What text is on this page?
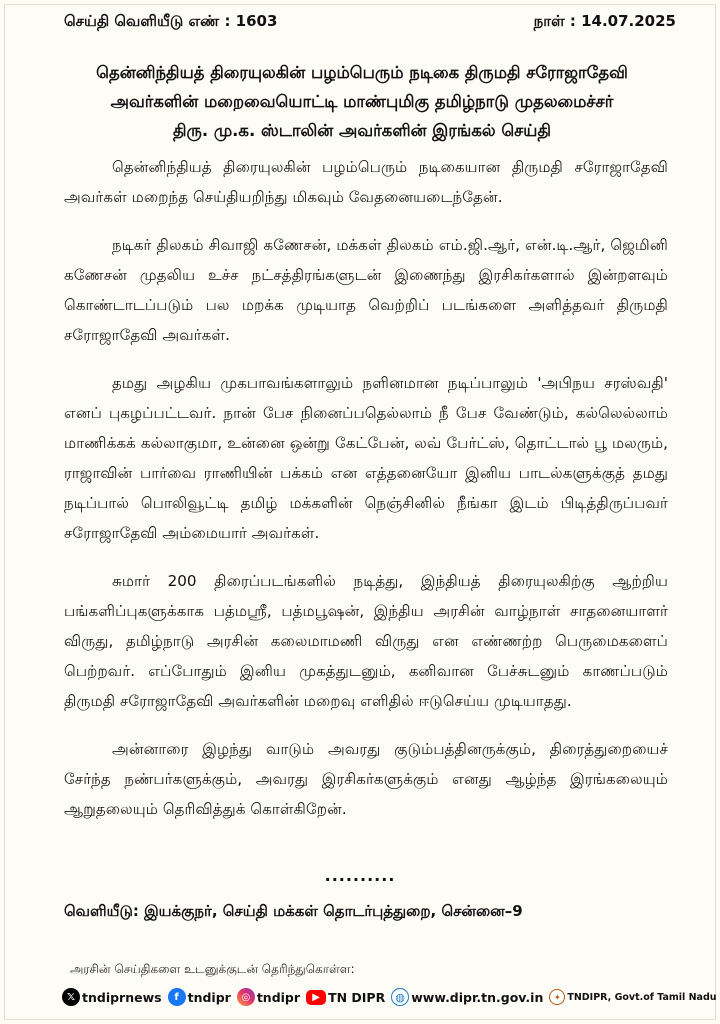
செய்தி வெளியீடு எண் : 1603	நாள் : 14.07.2025
தென்னிந்தியத் திரையுலகின் பழம்பெரும் நடிகை திருமதி சரோஜாதேவி
அவர்களின் மறைவையொட்டி மாண்புமிகு தமிழ்நாடு முதலமைச்சர்
திரு. மு.க. ஸ்டாலின் அவர்களின் இரங்கல் செய்தி

தென்னிந்தியத் திரையுலகின் பழம்பெரும் நடிகையான திருமதி சரோஜாதேவி அவர்கள் மறைந்த செய்தியறிந்து மிகவும் வேதனையடைந்தேன்.

நடிகர் திலகம் சிவாஜி கணேசன், மக்கள் திலகம் எம்.ஜி.ஆர், என்.டி.ஆர், ஜெமினி கணேசன் முதலிய உச்ச நட்சத்திரங்களுடன் இணைந்து இரசிகர்களால் இன்றளவும் கொண்டாடப்படும் பல மறக்க முடியாத வெற்றிப் படங்களை அளித்தவர் திருமதி சரோஜாதேவி அவர்கள்.

தமது அழகிய முகபாவங்களாலும் நளினமான நடிப்பாலும் 'அபிநய சரஸ்வதி' எனப் புகழப்பட்டவர். நான் பேச நினைப்பதெல்லாம் நீ பேச வேண்டும், கல்லெல்லாம் மாணிக்கக் கல்லாகுமா, உன்னை ஒன்று கேட்பேன், லவ் பேர்ட்ஸ், தொட்டால் பூ மலரும், ராஜாவின் பார்வை ராணியின் பக்கம் என எத்தனையோ இனிய பாடல்களுக்குத் தமது நடிப்பால் பொலிவூட்டி தமிழ் மக்களின் நெஞ்சினில் நீங்கா இடம் பிடித்திருப்பவர் சரோஜாதேவி அம்மையார் அவர்கள்.

சுமார் 200 திரைப்படங்களில் நடித்து, இந்தியத் திரையுலகிற்கு ஆற்றிய பங்களிப்புகளுக்காக பத்மஸ்ரீ, பத்மபூஷன், இந்திய அரசின் வாழ்நாள் சாதனையாளர் விருது, தமிழ்நாடு அரசின் கலைமாமணி விருது என எண்ணற்ற பெருமைகளைப் பெற்றவர். எப்போதும் இனிய முகத்துடனும், கனிவான பேச்சுடனும் காணப்படும் திருமதி சரோஜாதேவி அவர்களின் மறைவு எளிதில் ஈடுசெய்ய முடியாதது.

அன்னாரை இழந்து வாடும் அவரது குடும்பத்தினருக்கும், திரைத்துறையைச் சேர்ந்த நண்பர்களுக்கும், அவரது இரசிகர்களுக்கும் எனது ஆழ்ந்த இரங்கலையும் ஆறுதலையும் தெரிவித்துக் கொள்கிறேன்.

..........
வெளியீடு: இயக்குநர், செய்தி மக்கள் தொடர்புத்துறை, சென்னை–9
அரசின் செய்திகளை உடனுக்குடன் தெரிந்துகொள்ள:
𝕏 tndiprnews	f tndipr	◎ tndipr	▶ TN DIPR ◍ www.dipr.tn.gov.in	✦ TNDIPR, Govt.of Tamil Nadu
